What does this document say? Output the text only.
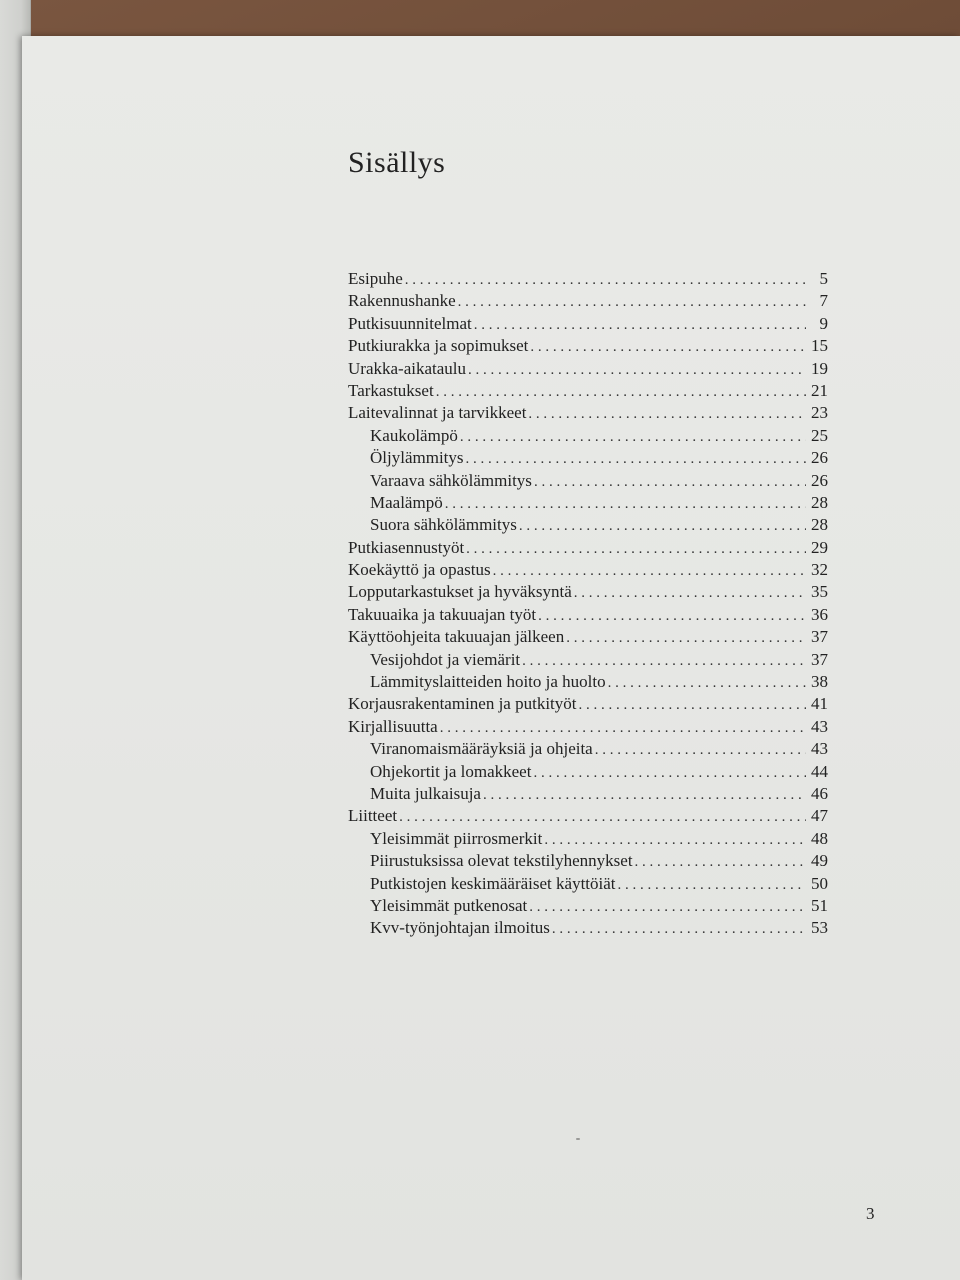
Sisällys
Esipuhe . . .	5
Rakennushanke . . .	7
Putkisuunnitelmat . . .	9
Putkiurakka ja sopimukset . . .	15
Urakka-aikataulu . . .	19
Tarkastukset . . .	21
Laitevalinnat ja tarvikkeet . . .	23
Kaukolämpö . . .	25
Öljylämmitys . . .	26
Varaava sähkölämmitys . . .	26
Maalämpö . . .	28
Suora sähkölämmitys . . .	28
Putkiasennustyöt . . .	29
Koekäyttö ja opastus . . .	32
Lopputarkastukset ja hyväksyntä . . .	35
Takuuaika ja takuuajan työt . . .	36
Käyttöohjeita takuuajan jälkeen . . .	37
Vesijohdot ja viemärit . . .	37
Lämmityslaitteiden hoito ja huolto . . .	38
Korjausrakentaminen ja putkityöt . . .	41
Kirjallisuutta . . .	43
Viranomaismääräyksiä ja ohjeita . . .	43
Ohjekortit ja lomakkeet . . .	44
Muita julkaisuja . . .	46
Liitteet . . .	47
Yleisimmät piirrosmerkit . . .	48
Piirustuksissa olevat tekstilyhennykset . . .	49
Putkistojen keskimääräiset käyttöiät . . .	50
Yleisimmät putkenosat . . .	51
Kvv-työnjohtajan ilmoitus . . .	53
3
